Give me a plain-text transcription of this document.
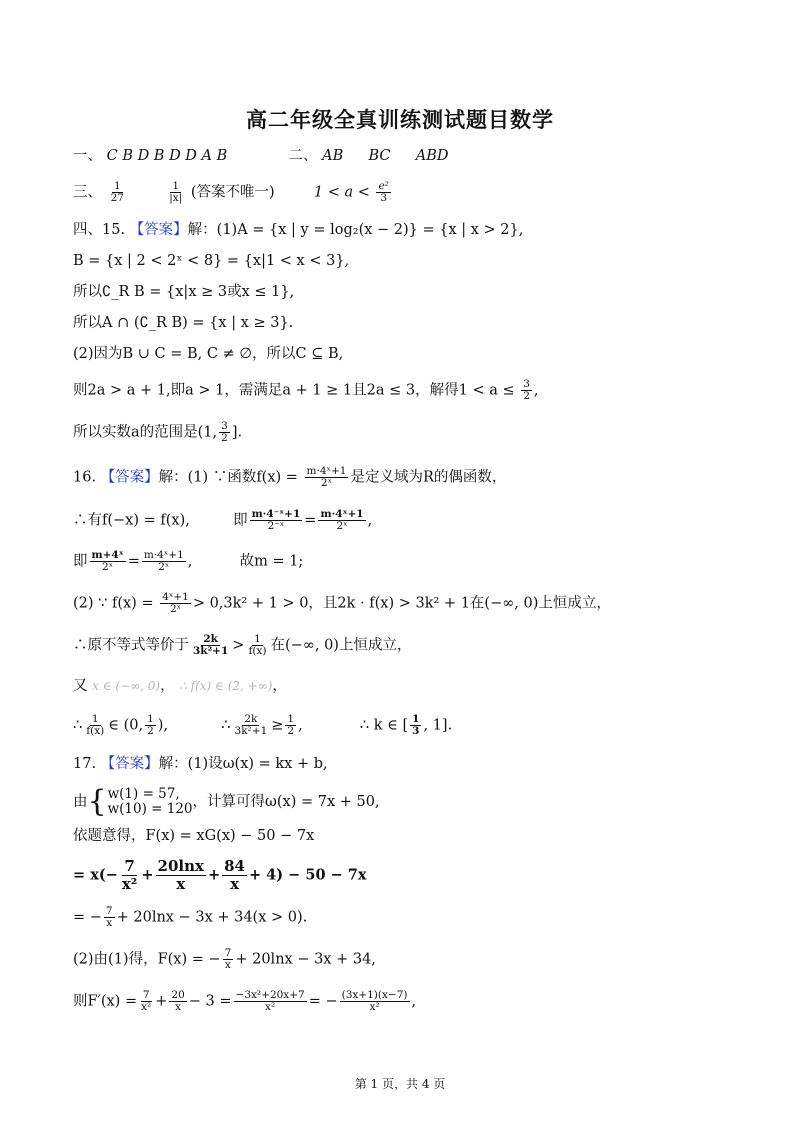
高二年级全真训练测试题目数学
一、 C B D B D D A B	二、 AB BC ABD
三、 $\frac{1}{27}$
	$\frac{1}{|x|}$ (答案不唯一)	$1 < a < \frac{\text{e²}}{3}$
四、15. 【答案】解：(1)A = {x | y = log₂(x − 2)} = {x | x > 2},
B = {x | 2 < 2ˣ < 8} = {x|1 < x < 3},
所以∁_R B = {x|x ≥ 3或x ≤ 1},
所以A ∩ (∁_R B) = {x | x ≥ 3}.
(2)因为B ∪ C = B, C ≠ ∅，所以C ⊆ B,
则2a > a + 1,即a > 1，需满足a + 1 ≥ 1且2a ≤ 3，解得$1 < a \le \frac{3}{2}$ ,
所以实数a的范围是(1, $\frac{3}{2}$ ].
16. 【答案】解：(1) ∵函数$f(x) = \frac{\text{m·4ˣ+1}}{\text{2ˣ}}$ 是定义域为R的偶函数，
∴有f(−x) = f(x),	即 $\frac{\text{m·4⁻ˣ+1}}{\text{2⁻ˣ}} = \frac{\text{m·4ˣ+1}}{\text{2ˣ}}$ ,
即 $\frac{\text{m+4ˣ}}{\text{2ˣ}} = \frac{\text{m·4ˣ+1}}{\text{2ˣ}}$ ,	故m = 1;
(2) ∵ $f(x) = \frac{\text{4ˣ+1}}{\text{2ˣ}} > 0,3k^2 + 1 > 0$，且2k · f(x) > 3k² + 1在(−∞, 0)上恒成立，
∴原不等式等价于 $\frac{2k}{\text{3k²+1}} > \frac{1}{f(x)}$ 在(−∞, 0)上恒成立，
又 x ∈ (−∞, 0)， ∴ f(x) ∈ (2, +∞)，
∴ $\frac{1}{f(x)}$ ∈ (0, $\frac{1}{2}$ ),	∴ $\frac{2k}{\text{3k²+1}} \ge \frac{1}{2}$ ,	∴ k ∈ [ $\frac{1}{3}$ , 1].
17. 【答案】解：(1)设ω(x) = kx + b,
由 { w(1) = 57,
w(10) = 120 ，计算可得ω(x) = 7x + 50,
依题意得，F(x) = xG(x) − 50 − 7x
= $x(- \frac{7}{\text{x²}} + \frac{20\ln x}{x} + \frac{84}{x} + 4) - 50 - 7x$
= − $\frac{7}{x} + 20\ln x - 3x + 34(x > 0)$.
(2)由(1)得，F(x) = − $\frac{7}{x} + 20\ln x - 3x + 34$,
则$F'(x) = \frac{7}{\text{x²}} + \frac{20}{x} - 3 = \frac{\text{−3x²+20x+7}}{\text{x²}}$ = − $\frac{(3x+1)(x-7)}{\text{x²}}$ ,
第 1 页，共 4 页
